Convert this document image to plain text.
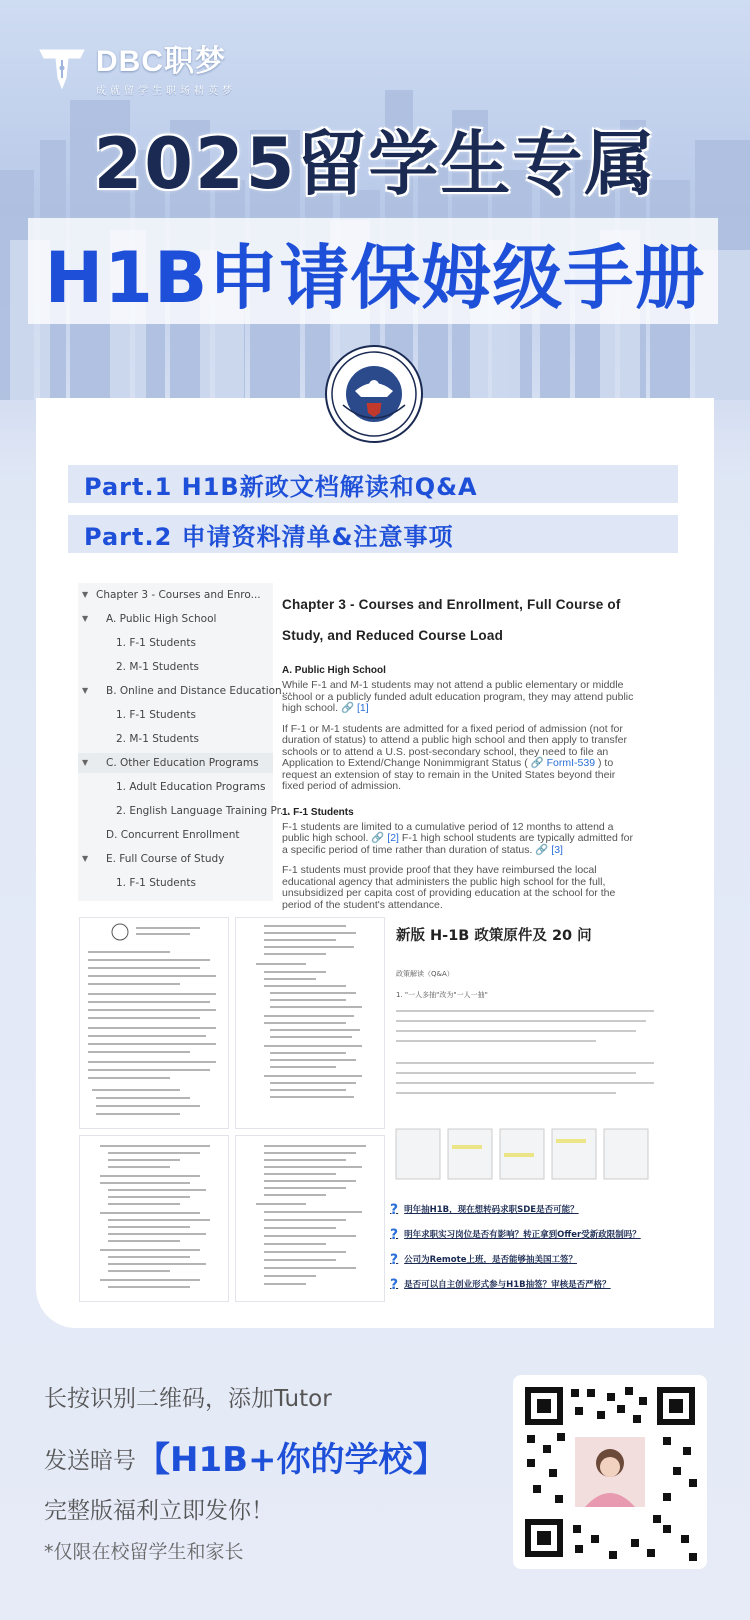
DBC职梦
成就留学生职场精英梦
2025留学生专属
H1B申请保姆级手册
Part.1 H1B新政文档解读和Q&A
Part.2 申请资料清单&注意事项
▼ Chapter 3 - Courses and Enro...
▼ A. Public High School
1. F-1 Students
2. M-1 Students
▼ B. Online and Distance Education...
1. F-1 Students
2. M-1 Students
▼ C. Other Education Programs
1. Adult Education Programs
2. English Language Training Pr...
D. Concurrent Enrollment
▼ E. Full Course of Study
1. F-1 Students
Chapter 3 - Courses and Enrollment, Full Course of Study, and Reduced Course Load
A. Public High School

While F-1 and M-1 students may not attend a public elementary or middle school or a publicly funded adult education program, they may attend public high school. 🔗 [1]

If F-1 or M-1 students are admitted for a fixed period of admission (not for duration of status) to attend a public high school and then apply to transfer schools or to attend a U.S. post-secondary school, they need to file an Application to Extend/Change Nonimmigrant Status ( 🔗 FormI-539 ) to request an extension of stay to remain in the United States beyond their fixed period of admission.

1. F-1 Students

F-1 students are limited to a cumulative period of 12 months to attend a public high school. 🔗 [2] F-1 high school students are typically admitted for a specific period of time rather than duration of status. 🔗 [3]

F-1 students must provide proof that they have reimbursed the local educational agency that administers the public high school for the full, unsubsidized per capita cost of providing education at the school for the period of the student's attendance.

新版 H-1B 政策原件及 20 问
政策解读（Q&A）
1. "一人多抽"改为"一人一抽"
? 明年抽H1B，现在想转码求职SDE是否可能？
? 明年求职实习岗位是否有影响？转正拿到Offer受新政限制吗？
? 公司为Remote上班，是否能够抽美国工签？
? 是否可以自主创业形式参与H1B抽签？审核是否严格？
长按识别二维码，添加Tutor
发送暗号【H1B+你的学校】
完整版福利立即发你！
*仅限在校留学生和家长
